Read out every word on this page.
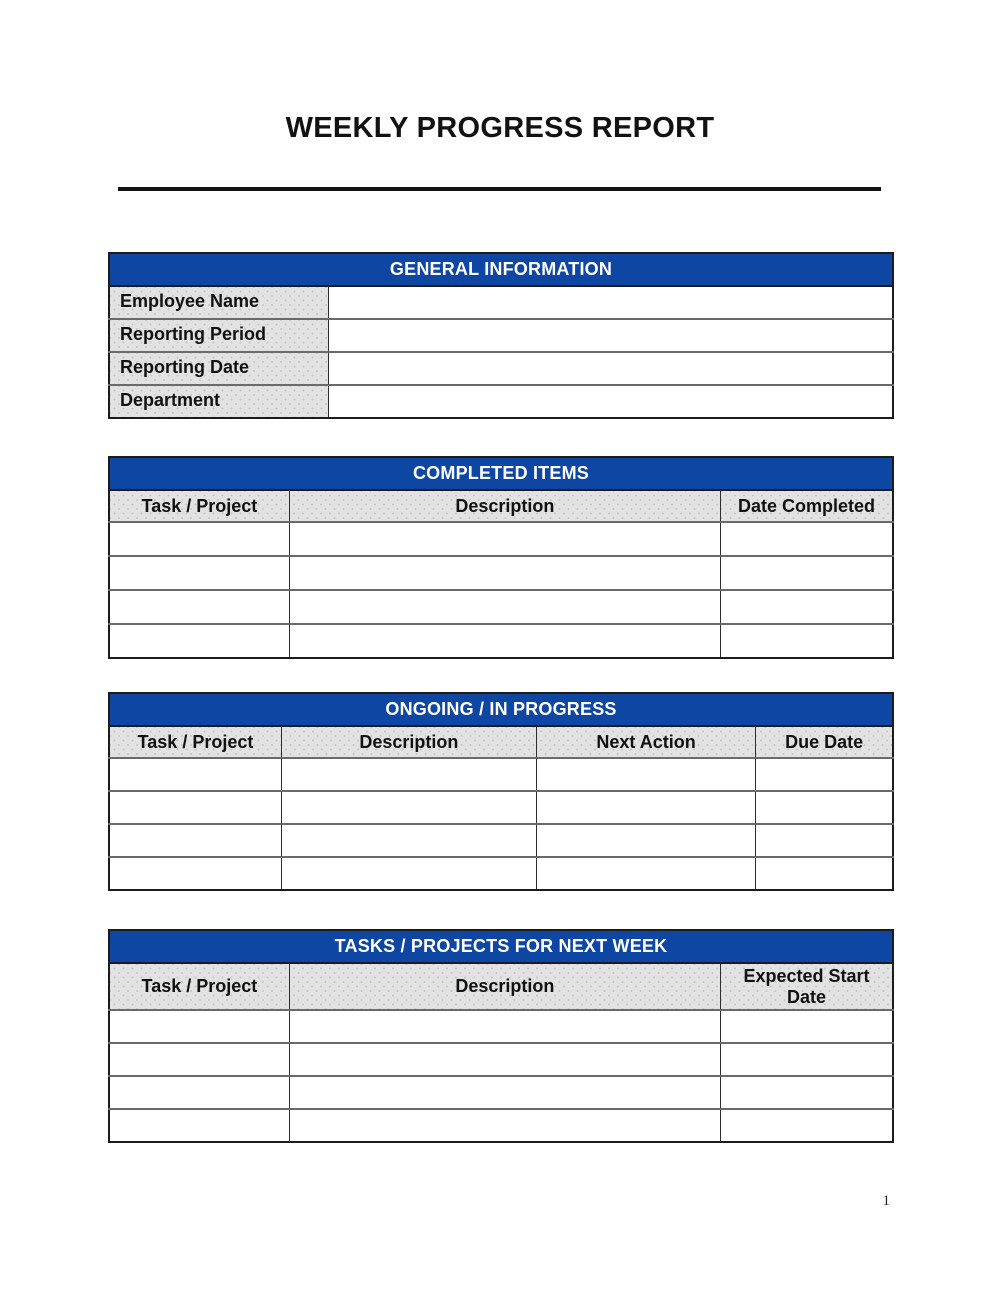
WEEKLY PROGRESS REPORT
GENERAL INFORMATION	
Employee Name	
Reporting Period	
Reporting Date	
Department	
COMPLETED ITEMS		
Task / Project	Description	Date Completed

ONGOING / IN PROGRESS			
Task / Project	Description	Next Action	Due Date

TASKS / PROJECTS FOR NEXT WEEK		
Task / Project	Description	Expected Start Date

1
